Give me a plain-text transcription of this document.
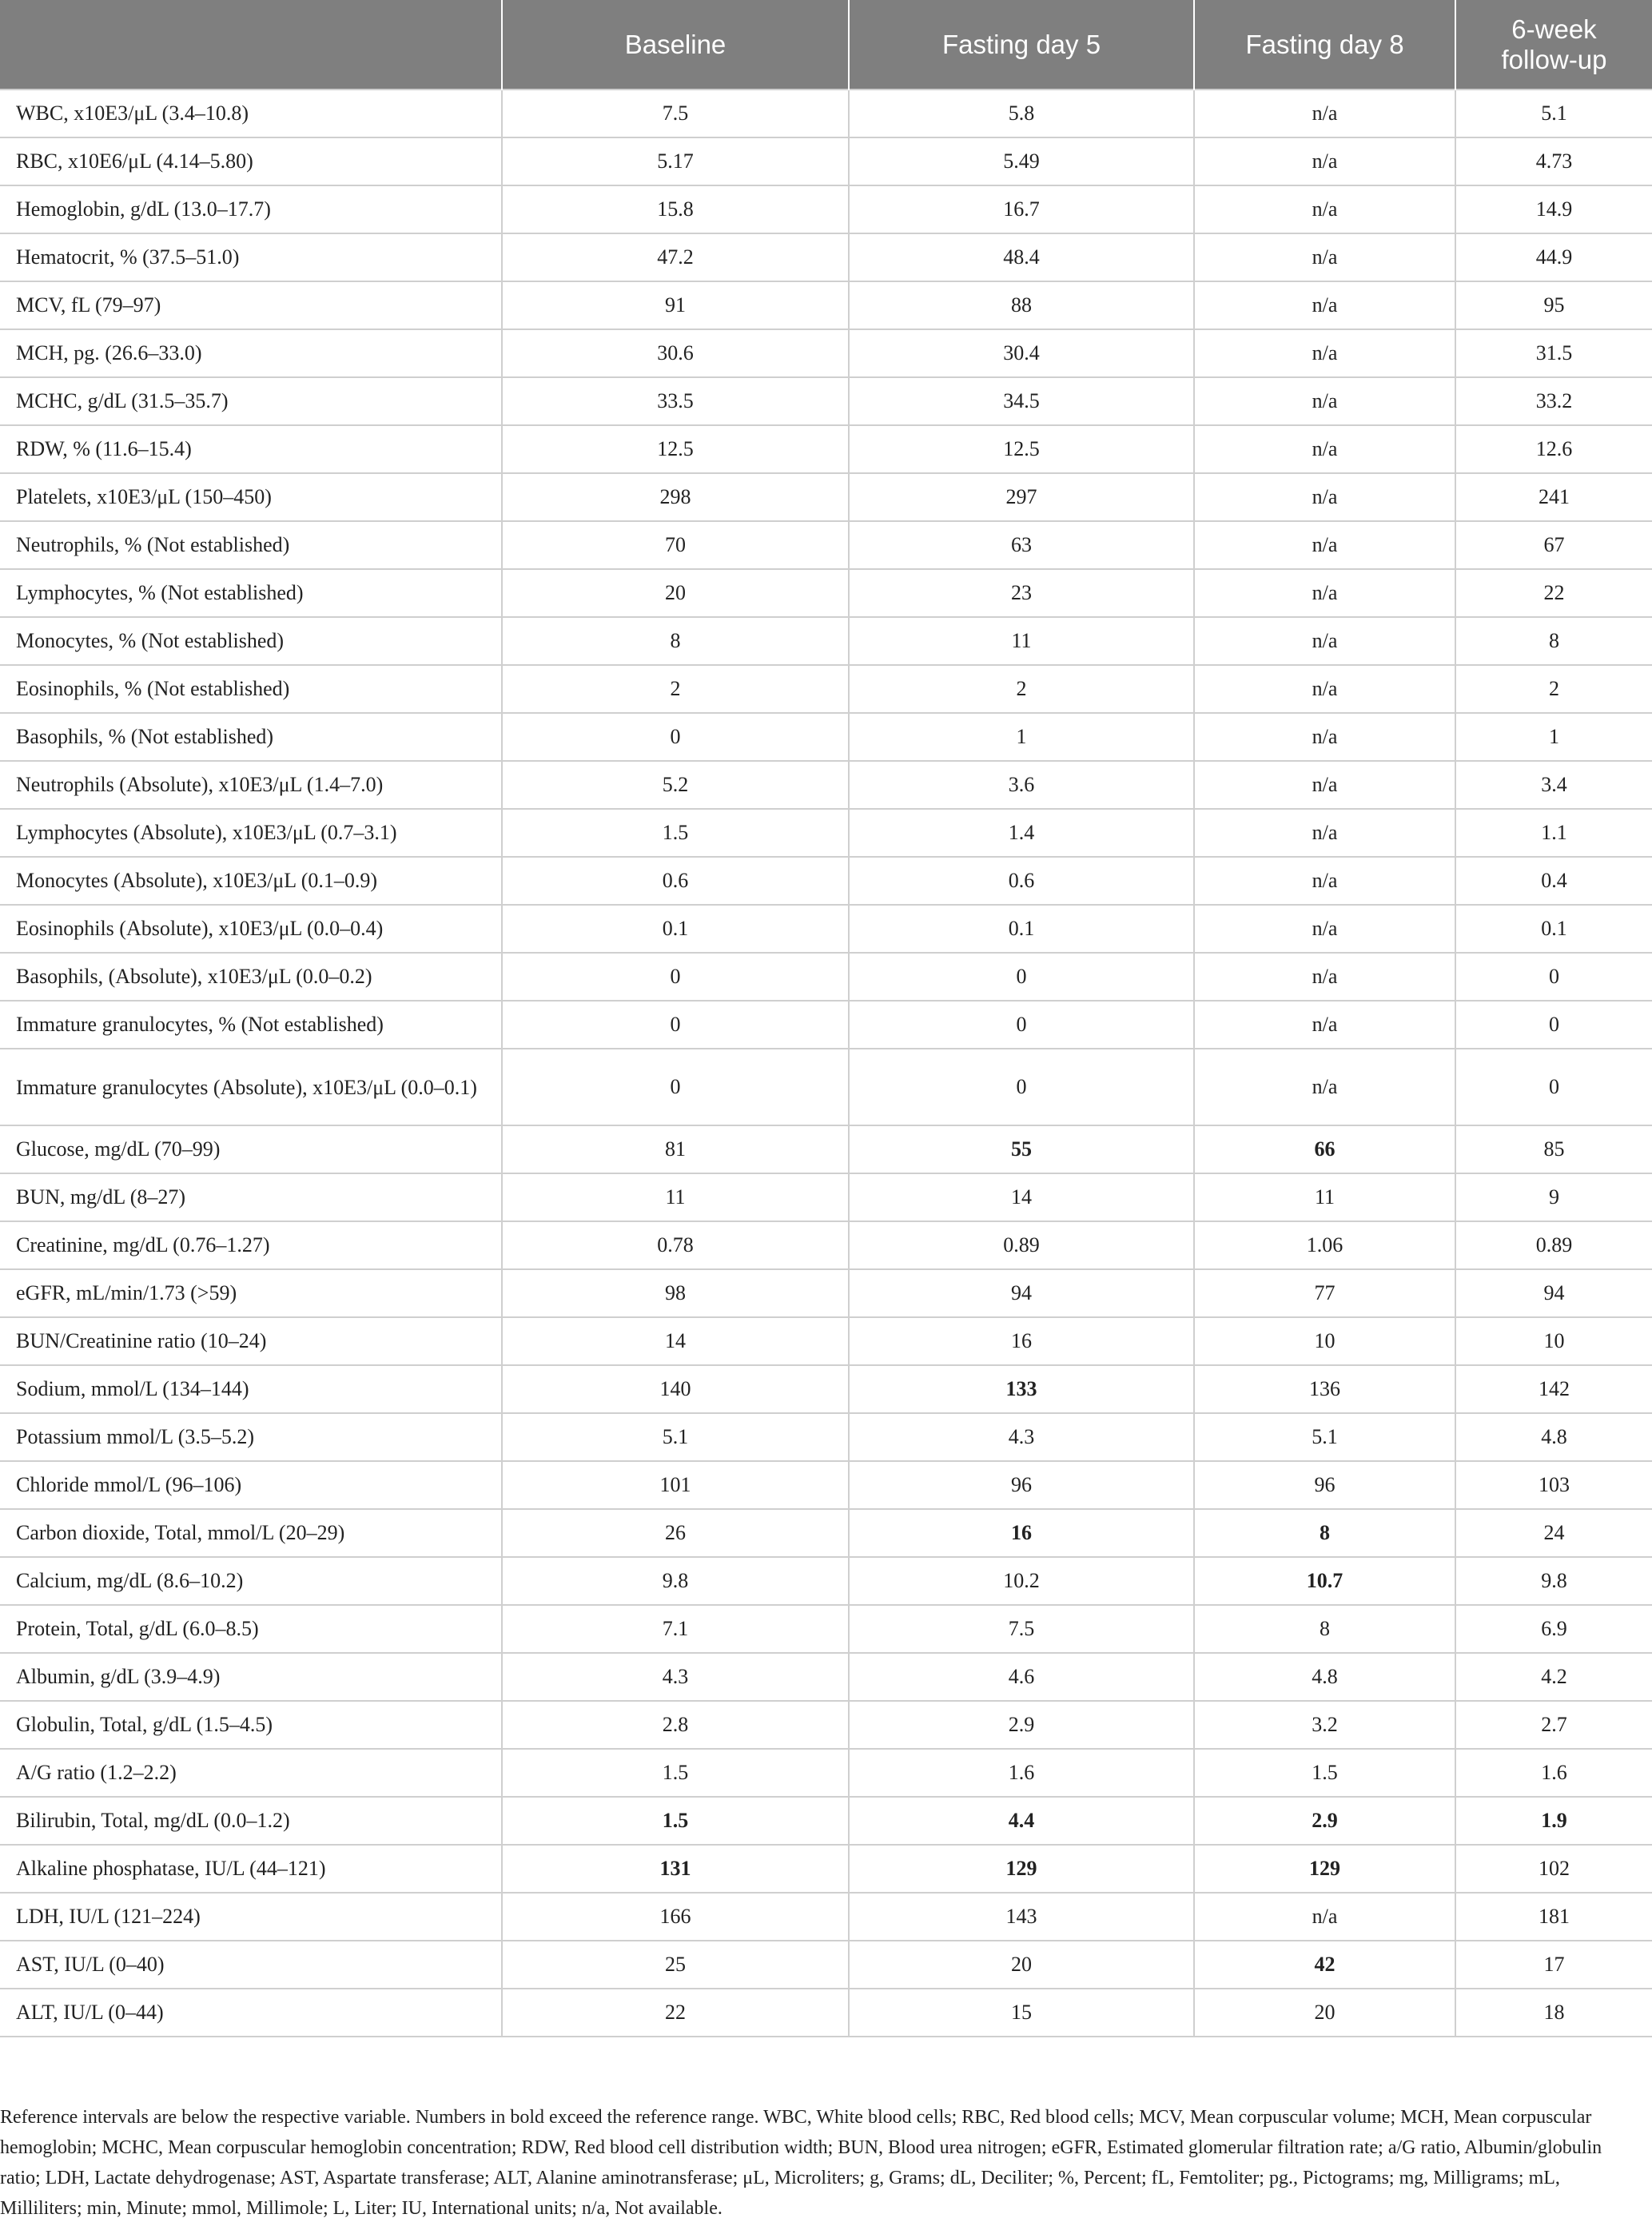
	Baseline	Fasting day 5	Fasting day 8	6-week follow-up
WBC, x10E3/μL (3.4–10.8)	7.5	5.8	n/a	5.1
RBC, x10E6/μL (4.14–5.80)	5.17	5.49	n/a	4.73
Hemoglobin, g/dL (13.0–17.7)	15.8	16.7	n/a	14.9
Hematocrit, % (37.5–51.0)	47.2	48.4	n/a	44.9
MCV, fL (79–97)	91	88	n/a	95
MCH, pg. (26.6–33.0)	30.6	30.4	n/a	31.5
MCHC, g/dL (31.5–35.7)	33.5	34.5	n/a	33.2
RDW, % (11.6–15.4)	12.5	12.5	n/a	12.6
Platelets, x10E3/μL (150–450)	298	297	n/a	241
Neutrophils, % (Not established)	70	63	n/a	67
Lymphocytes, % (Not established)	20	23	n/a	22
Monocytes, % (Not established)	8	11	n/a	8
Eosinophils, % (Not established)	2	2	n/a	2
Basophils, % (Not established)	0	1	n/a	1
Neutrophils (Absolute), x10E3/μL (1.4–7.0)	5.2	3.6	n/a	3.4
Lymphocytes (Absolute), x10E3/μL (0.7–3.1)	1.5	1.4	n/a	1.1
Monocytes (Absolute), x10E3/μL (0.1–0.9)	0.6	0.6	n/a	0.4
Eosinophils (Absolute), x10E3/μL (0.0–0.4)	0.1	0.1	n/a	0.1
Basophils, (Absolute), x10E3/μL (0.0–0.2)	0	0	n/a	0
Immature granulocytes, % (Not established)	0	0	n/a	0
Immature granulocytes (Absolute), x10E3/μL (0.0–0.1)	0	0	n/a	0
Glucose, mg/dL (70–99)	81	55	66	85
BUN, mg/dL (8–27)	11	14	11	9
Creatinine, mg/dL (0.76–1.27)	0.78	0.89	1.06	0.89
eGFR, mL/min/1.73 (>59)	98	94	77	94
BUN/Creatinine ratio (10–24)	14	16	10	10
Sodium, mmol/L (134–144)	140	133	136	142
Potassium mmol/L (3.5–5.2)	5.1	4.3	5.1	4.8
Chloride mmol/L (96–106)	101	96	96	103
Carbon dioxide, Total, mmol/L (20–29)	26	16	8	24
Calcium, mg/dL (8.6–10.2)	9.8	10.2	10.7	9.8
Protein, Total, g/dL (6.0–8.5)	7.1	7.5	8	6.9
Albumin, g/dL (3.9–4.9)	4.3	4.6	4.8	4.2
Globulin, Total, g/dL (1.5–4.5)	2.8	2.9	3.2	2.7
A/G ratio (1.2–2.2)	1.5	1.6	1.5	1.6
Bilirubin, Total, mg/dL (0.0–1.2)	1.5	4.4	2.9	1.9
Alkaline phosphatase, IU/L (44–121)	131	129	129	102
LDH, IU/L (121–224)	166	143	n/a	181
AST, IU/L (0–40)	25	20	42	17
ALT, IU/L (0–44)	22	15	20	18

Reference intervals are below the respective variable. Numbers in bold exceed the reference range. WBC, White blood cells; RBC, Red blood cells; MCV, Mean corpuscular volume; MCH, Mean corpuscular hemoglobin; MCHC, Mean corpuscular hemoglobin concentration; RDW, Red blood cell distribution width; BUN, Blood urea nitrogen; eGFR, Estimated glomerular filtration rate; a/G ratio, Albumin/globulin ratio; LDH, Lactate dehydrogenase; AST, Aspartate transferase; ALT, Alanine aminotransferase; μL, Microliters; g, Grams; dL, Deciliter; %, Percent; fL, Femtoliter; pg., Pictograms; mg, Milligrams; mL, Milliliters; min, Minute; mmol, Millimole; L, Liter; IU, International units; n/a, Not available.
